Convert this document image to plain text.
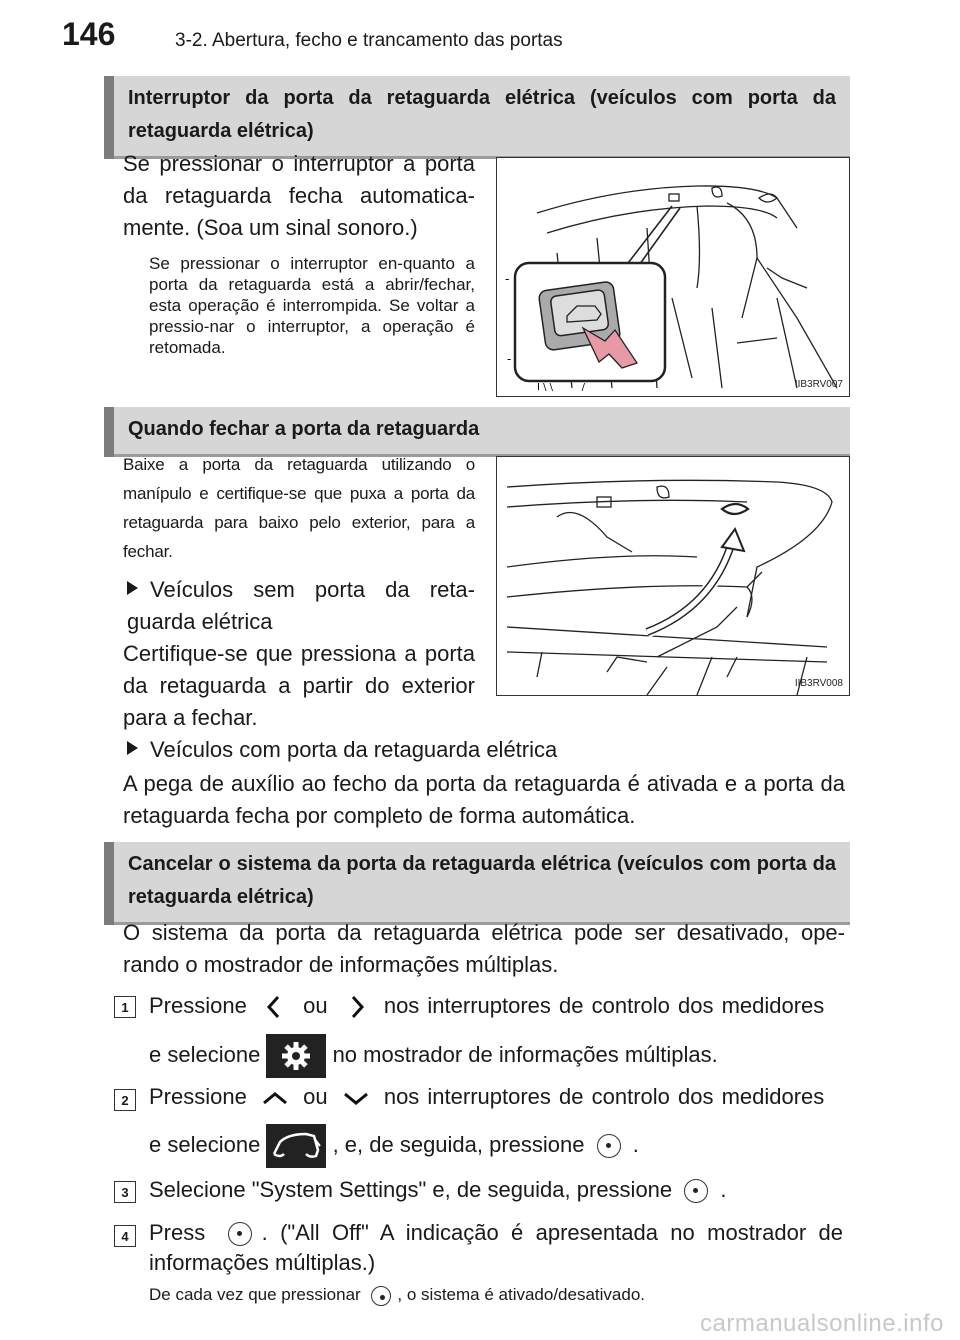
146	3-2. Abertura, fecho e trancamento das portas
Interruptor da porta da retaguarda elétrica (veículos com porta da retaguarda elétrica)
Se pressionar o interruptor a porta da retaguarda fecha automatica-mente. (Soa um sinal sonoro.)
Se pressionar o interruptor en-quanto a porta da retaguarda está a abrir/fechar, esta operação é interrompida. Se voltar a pressio-nar o interruptor, a operação é retomada.
-
-
I \ \         /	IIB3RV007
Quando fechar a porta da retaguarda
Baixe a porta da retaguarda utilizando o manípulo e certifique-se que puxa a porta da retaguarda para baixo pelo exterior, para a fechar.
Veículos sem porta da reta-guarda elétrica
Certifique-se que pressiona a porta da retaguarda a partir do exterior para a fechar.
IIB3RV008
Veículos com porta da retaguarda elétrica
A pega de auxílio ao fecho da porta da retaguarda é ativada e a porta da retaguarda fecha por completo de forma automática.
Cancelar o sistema da porta da retaguarda elétrica (veículos com porta da retaguarda elétrica)
O sistema da porta da retaguarda elétrica pode ser desativado, ope-rando o mostrador de informações múltiplas.
1 Pressione	ou	nos interruptores de controlo dos medidores
e selecione	no mostrador de informações múltiplas.
2 Pressione	ou	nos interruptores de controlo dos medidores
e selecione	, e, de seguida, pressione .
3 Selecione "System Settings" e, de seguida, pressione .
4 Press	. ("All Off" A indicação é apresentada no mostrador de informações múltiplas.)
De cada vez que pressionar , o sistema é ativado/desativado.
carmanualsonline.info
